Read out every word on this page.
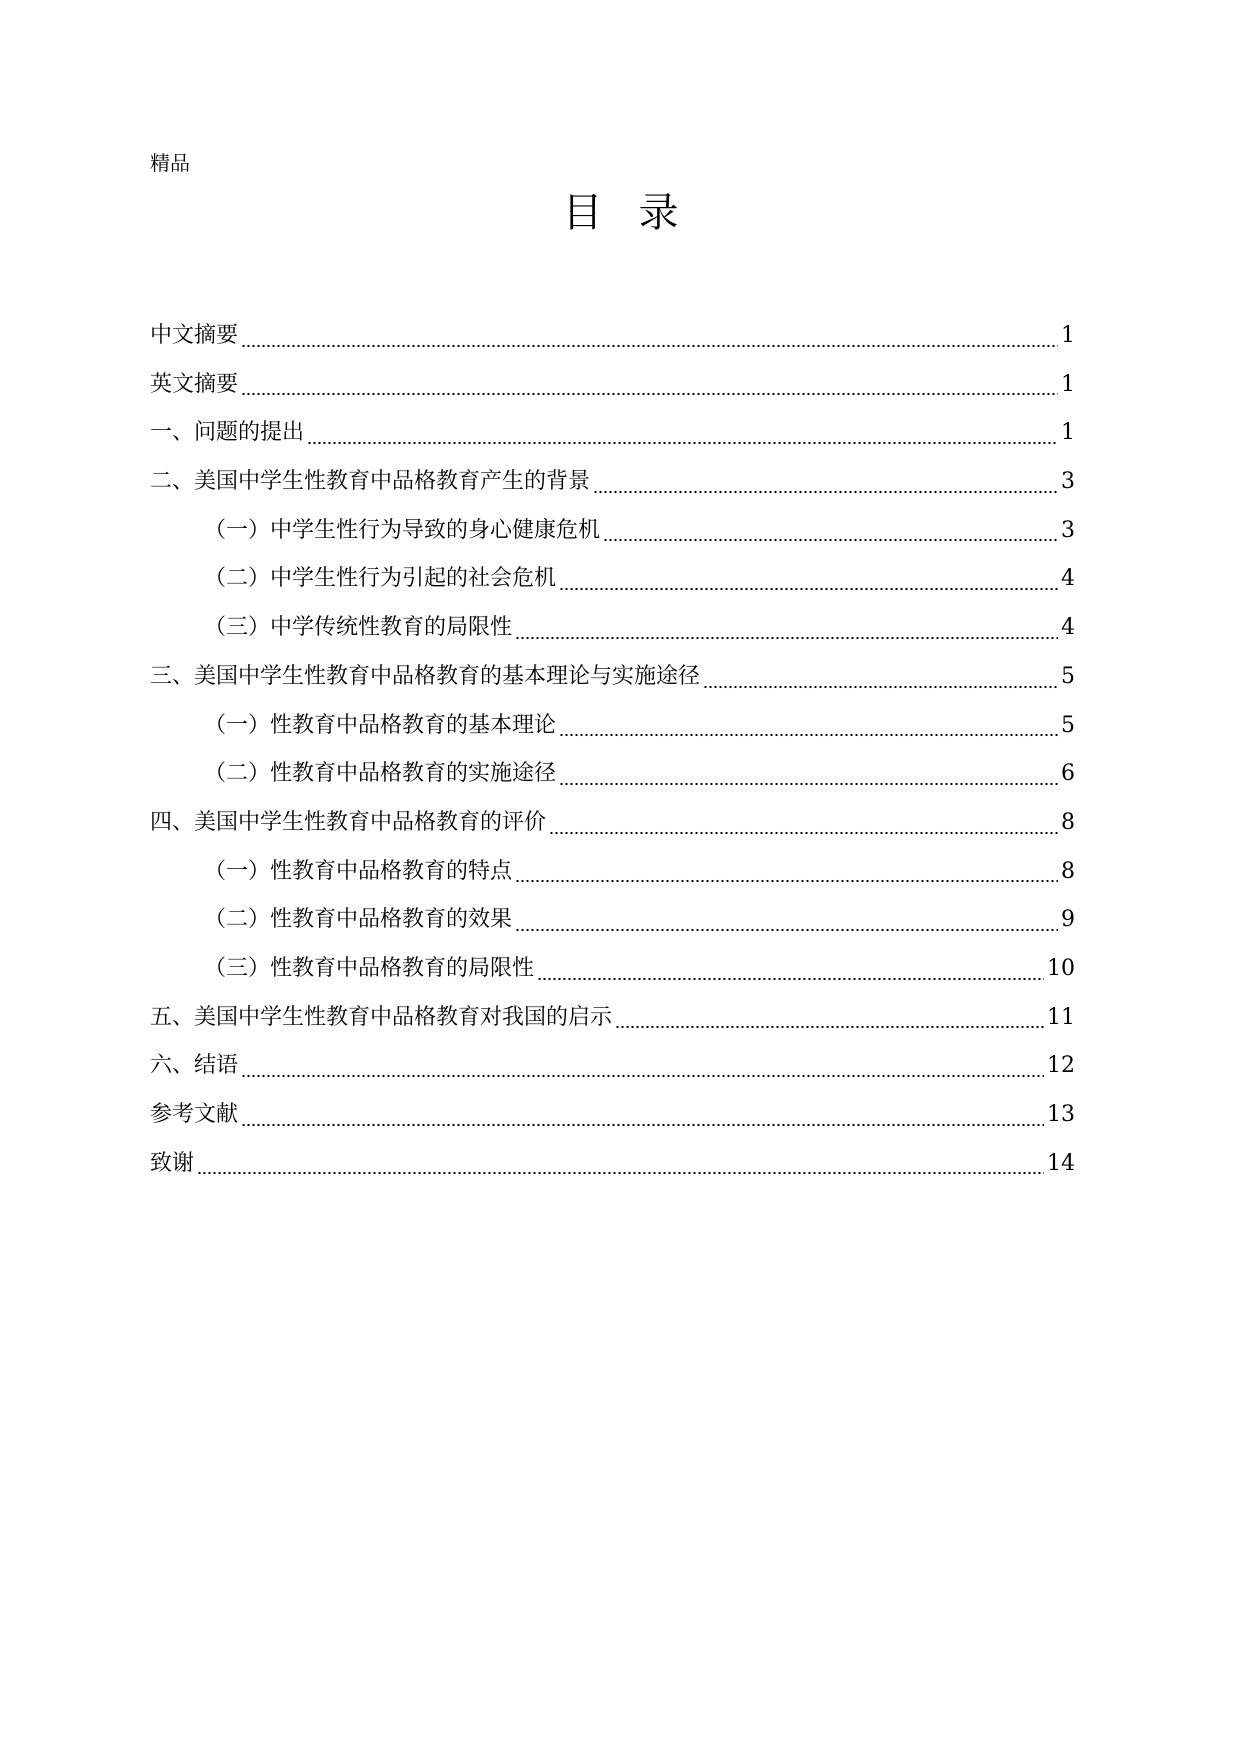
精品
目录
中文摘要	1
英文摘要	1
一、问题的提出	1
二、美国中学生性教育中品格教育产生的背景	3
（一）中学生性行为导致的身心健康危机	3
（二）中学生性行为引起的社会危机	4
（三）中学传统性教育的局限性	4
三、美国中学生性教育中品格教育的基本理论与实施途径	5
（一）性教育中品格教育的基本理论	5
（二）性教育中品格教育的实施途径	6
四、美国中学生性教育中品格教育的评价	8
（一）性教育中品格教育的特点	8
（二）性教育中品格教育的效果	9
（三）性教育中品格教育的局限性	10
五、美国中学生性教育中品格教育对我国的启示	11
六、结语	12
参考文献	13
致谢	14
